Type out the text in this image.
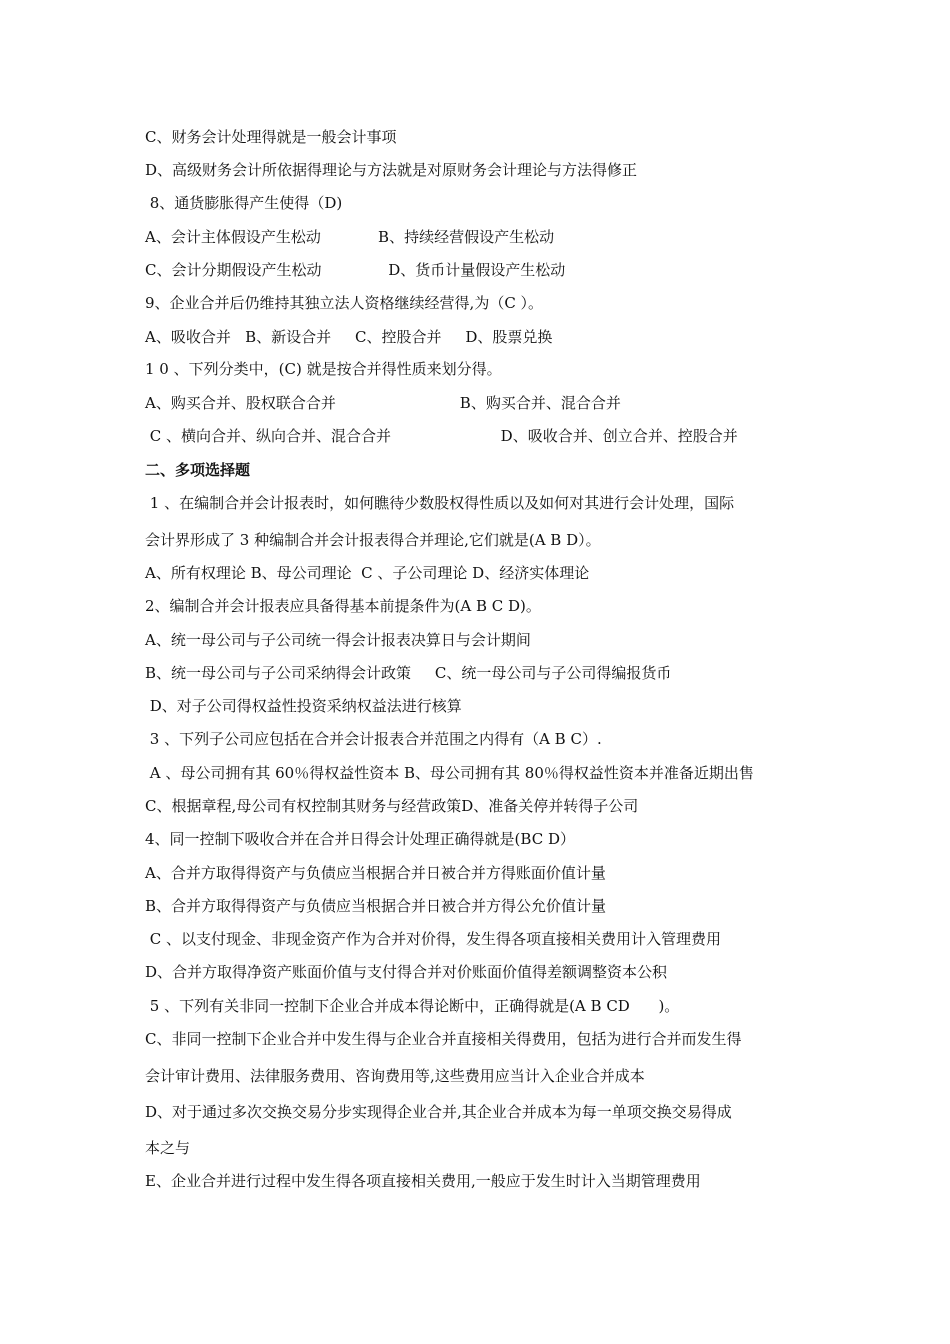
C、财务会计处理得就是一般会计事项
D、高级财务会计所依据得理论与方法就是对原财务会计理论与方法得修正
8、通货膨胀得产生使得（D)
A、会计主体假设产生松动            B、持续经营假设产生松动
C、会计分期假设产生松动              D、货币计量假设产生松动
9、企业合并后仍维持其独立法人资格继续经营得,为（C ）。
A、吸收合并   B、新设合并     C、控股合并     D、股票兑换
1 0 、下列分类中，(C) 就是按合并得性质来划分得。
A、购买合并、股权联合合并                          B、购买合并、混合合并
C 、横向合并、纵向合并、混合合并                       D、吸收合并、创立合并、控股合并
二、多项选择题
1 、在编制合并会计报表时，如何瞧待少数股权得性质以及如何对其进行会计处理，国际
会计界形成了 3 种编制合并会计报表得合并理论,它们就是(A B D）。
A、所有权理论 B、母公司理论  C 、子公司理论 D、经济实体理论
2、编制合并会计报表应具备得基本前提条件为(A B C D)。
A、统一母公司与子公司统一得会计报表决算日与会计期间
B、统一母公司与子公司采纳得会计政策     C、统一母公司与子公司得编报货币
D、对子公司得权益性投资采纳权益法进行核算
3 、下列子公司应包括在合并会计报表合并范围之内得有（A B C）.
A 、母公司拥有其 60％得权益性资本 B、母公司拥有其 80％得权益性资本并准备近期出售
C、根据章程,母公司有权控制其财务与经营政策D、准备关停并转得子公司
4、同一控制下吸收合并在合并日得会计处理正确得就是(BC D）
A、合并方取得得资产与负债应当根据合并日被合并方得账面价值计量
B、合并方取得得资产与负债应当根据合并日被合并方得公允价值计量
C 、以支付现金、非现金资产作为合并对价得，发生得各项直接相关费用计入管理费用
D、合并方取得净资产账面价值与支付得合并对价账面价值得差额调整资本公积
5 、下列有关非同一控制下企业合并成本得论断中，正确得就是(A B CD      )。
C、非同一控制下企业合并中发生得与企业合并直接相关得费用，包括为进行合并而发生得
会计审计费用、法律服务费用、咨询费用等,这些费用应当计入企业合并成本
D、对于通过多次交换交易分步实现得企业合并,其企业合并成本为每一单项交换交易得成
本之与
E、企业合并进行过程中发生得各项直接相关费用,一般应于发生时计入当期管理费用
